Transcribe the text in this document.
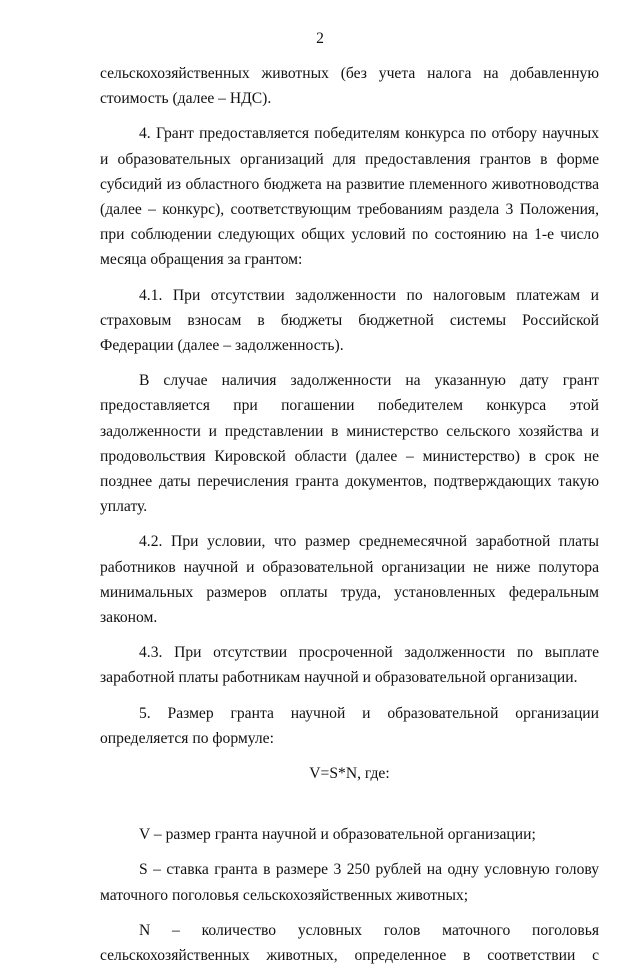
2

сельскохозяйственных животных (без учета налога на добавленную стоимость (далее – НДС).

4. Грант предоставляется победителям конкурса по отбору научных и образовательных организаций для предоставления грантов в форме субсидий из областного бюджета на развитие племенного животноводства (далее – конкурс), соответствующим требованиям раздела 3 Положения, при соблюдении следующих общих условий по состоянию на 1-е число месяца обращения за грантом:

4.1. При отсутствии задолженности по налоговым платежам и страховым взносам в бюджеты бюджетной системы Российской Федерации (далее – задолженность).

В случае наличия задолженности на указанную дату грант предоставляется при погашении победителем конкурса этой задолженности и представлении в министерство сельского хозяйства и продовольствия Кировской области (далее – министерство) в срок не позднее даты перечисления гранта документов, подтверждающих такую уплату.

4.2. При условии, что размер среднемесячной заработной платы работников научной и образовательной организации не ниже полутора минимальных размеров оплаты труда, установленных федеральным законом.

4.3. При отсутствии просроченной задолженности по выплате заработной платы работникам научной и образовательной организации.

5. Размер гранта научной и образовательной организации определяется по формуле:

V=S*N, где:

V – размер гранта научной и образовательной организации;

S – ставка гранта в размере 3 250 рублей на одну условную голову маточного поголовья сельскохозяйственных животных;

N – количество условных голов маточного поголовья сельскохозяйственных животных, определенное в соответствии с
